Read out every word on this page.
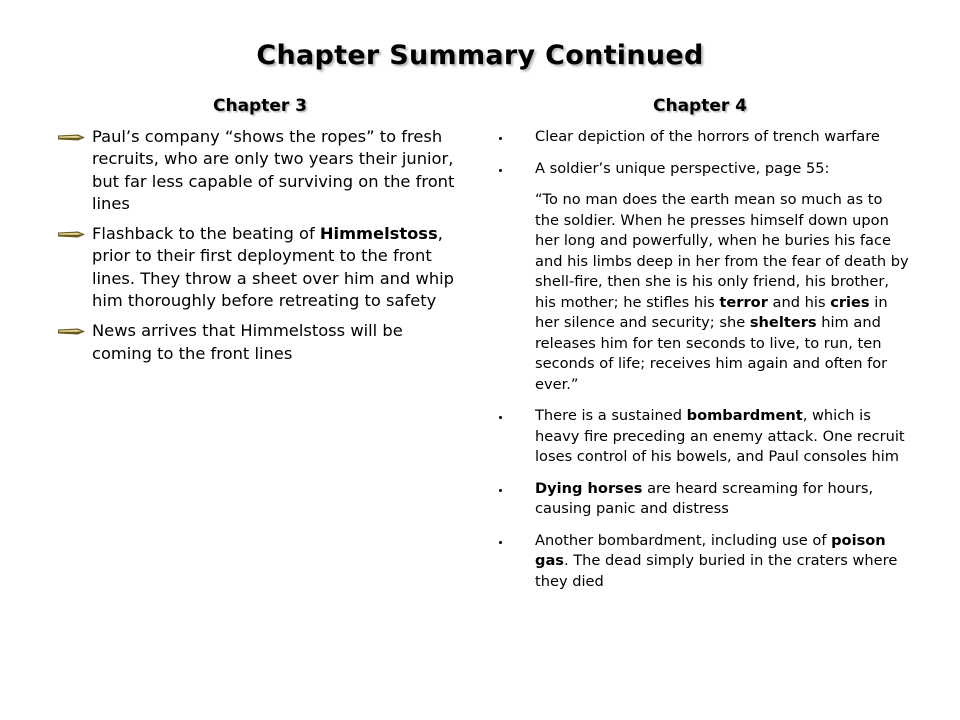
Chapter Summary Continued
Chapter 3	Chapter 4
Paul’s company “shows the ropes” to fresh recruits, who are only two years their junior, but far less capable of surviving on the front lines
Flashback to the beating of Himmelstoss, prior to their first deployment to the front lines. They throw a sheet over him and whip him thoroughly before retreating to safety
News arrives that Himmelstoss will be coming to the front lines
Clear depiction of the horrors of trench warfare
A soldier’s unique perspective, page 55:
“To no man does the earth mean so much as to the soldier. When he presses himself down upon her long and powerfully, when he buries his face and his limbs deep in her from the fear of death by shell-fire, then she is his only friend, his brother, his mother; he stifles his terror and his cries in her silence and security; she shelters him and releases him for ten seconds to live, to run, ten seconds of life; receives him again and often for ever.”
There is a sustained bombardment, which is heavy fire preceding an enemy attack. One recruit loses control of his bowels, and Paul consoles him
Dying horses are heard screaming for hours, causing panic and distress
Another bombardment, including use of poison gas. The dead simply buried in the craters where they died
